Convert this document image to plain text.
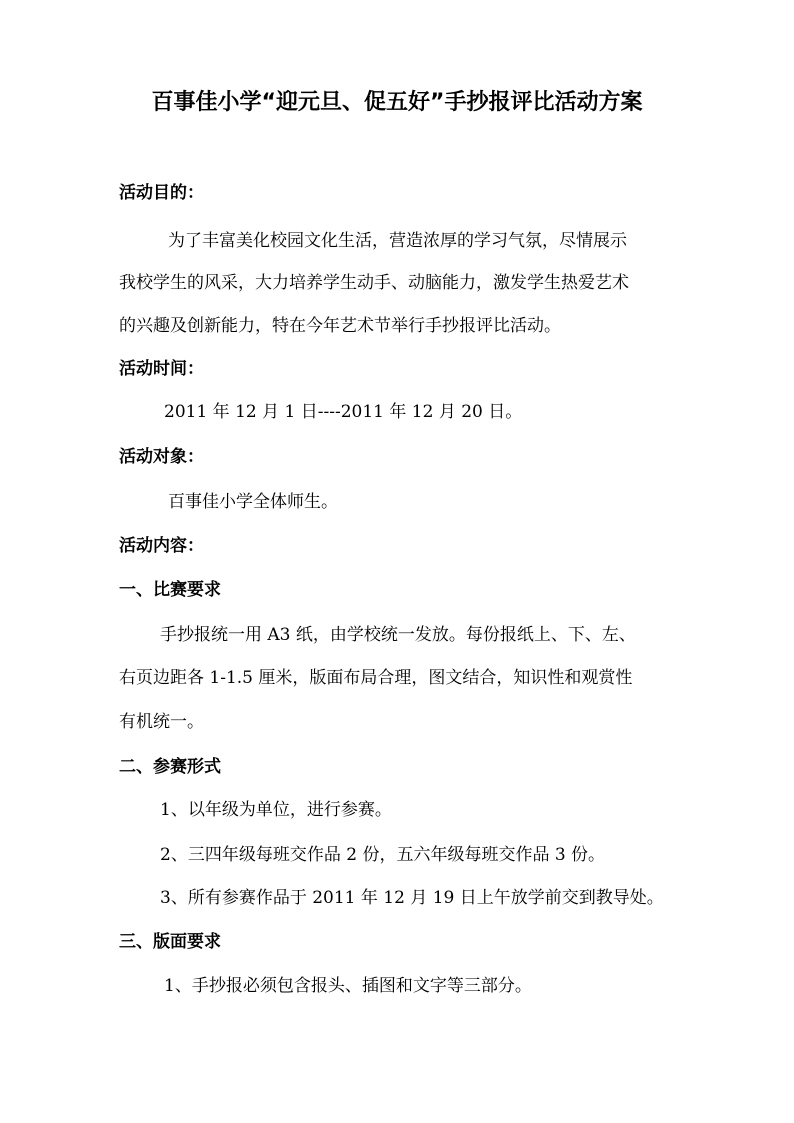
百事佳小学“迎元旦、促五好”手抄报评比活动方案
活动目的：
为了丰富美化校园文化生活，营造浓厚的学习气氛，尽情展示
我校学生的风采，大力培养学生动手、动脑能力，激发学生热爱艺术
的兴趣及创新能力，特在今年艺术节举行手抄报评比活动。
活动时间：
2011 年 12 月 1 日----2011 年 12 月 20 日。
活动对象：
百事佳小学全体师生。
活动内容：
一、比赛要求
手抄报统一用 A3 纸，由学校统一发放。每份报纸上、下、左、
右页边距各 1-1.5 厘米，版面布局合理，图文结合，知识性和观赏性
有机统一。
二、参赛形式
1、以年级为单位，进行参赛。
2、三四年级每班交作品 2 份，五六年级每班交作品 3 份。
3、所有参赛作品于 2011 年 12 月 19 日上午放学前交到教导处。
三、版面要求
1、手抄报必须包含报头、插图和文字等三部分。
